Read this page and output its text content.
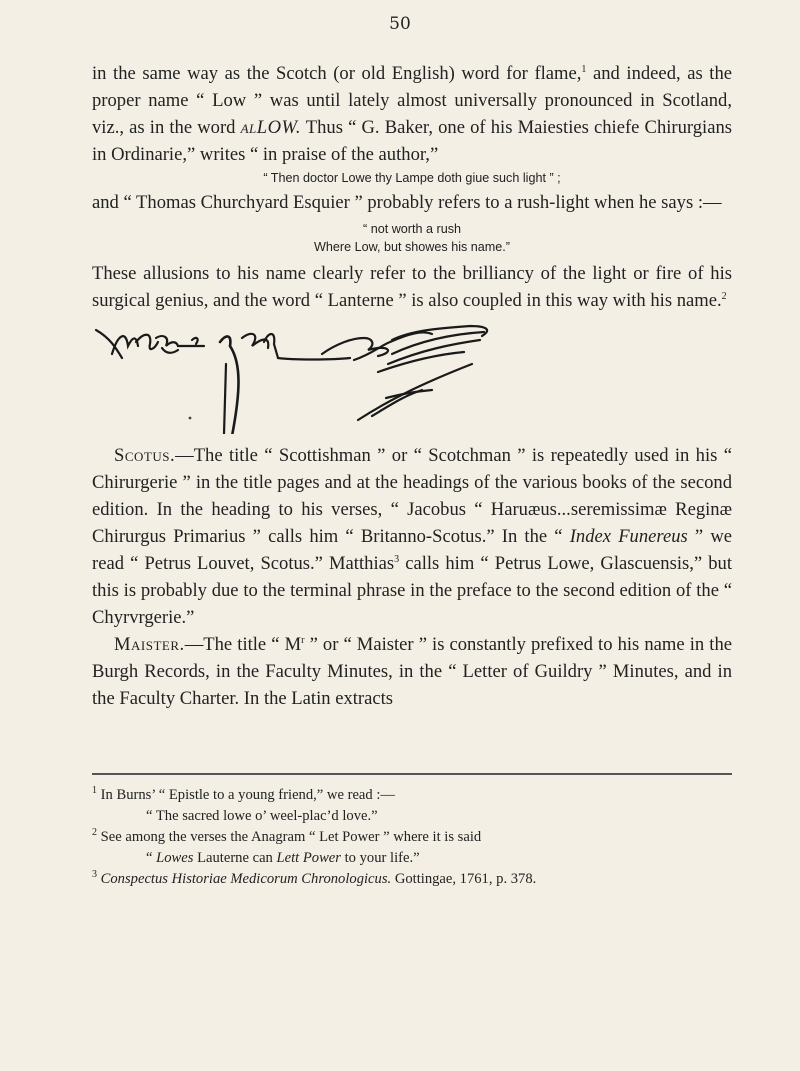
50

in the same way as the Scotch (or old English) word for flame,$^1$ and indeed, as the proper name “ Low ” was until lately almost universally pronounced in Scotland, viz., as in the word alLOW. Thus “ G. Baker, one of his Maiesties chiefe Chirurgians in Ordinarie,” writes “ in praise of the author,”

“ Then doctor Lowe thy Lampe doth giue such light ” ;

and “ Thomas Churchyard Esquier ” probably refers to a rush-light when he says :—

“ not worth a rush
Where Low, but showes his name.”

These allusions to his name clearly refer to the brilliancy of the light or fire of his surgical genius, and the word “ Lanterne ” is also coupled in this way with his name.$^2$

Scotus.—The title “ Scottishman ” or “ Scotchman ” is repeatedly used in his “ Chirurgerie ” in the title pages and at the headings of the various books of the second edition. In the heading to his verses, “ Jacobus “ Haruæus...seremissimæ Reginæ Chirurgus Primarius ” calls him “ Britanno-Scotus.” In the “ Index Funereus ” we read “ Petrus Louvet, Scotus.” Matthias$^3$ calls him “ Petrus Lowe, Glascuensis,” but this is probably due to the terminal phrase in the preface to the second edition of the “ Chyrvrgerie.”

Maister.—The title “ $M^r$ ” or “ Maister ” is constantly prefixed to his name in the Burgh Records, in the Faculty Minutes, in the “ Letter of Guildry ” Minutes, and in the Faculty Charter. In the Latin extracts

$^1$ In Burns’ “ Epistle to a young friend,” we read :—

“ The sacred lowe o’ weel-plac’d love.”

$^2$ See among the verses the Anagram “ Let Power ” where it is said

“ Lowes Lauterne can Lett Power to your life.”

$^3$ Conspectus Historiae Medicorum Chronologicus. Gottingae, 1761, p. 378.
